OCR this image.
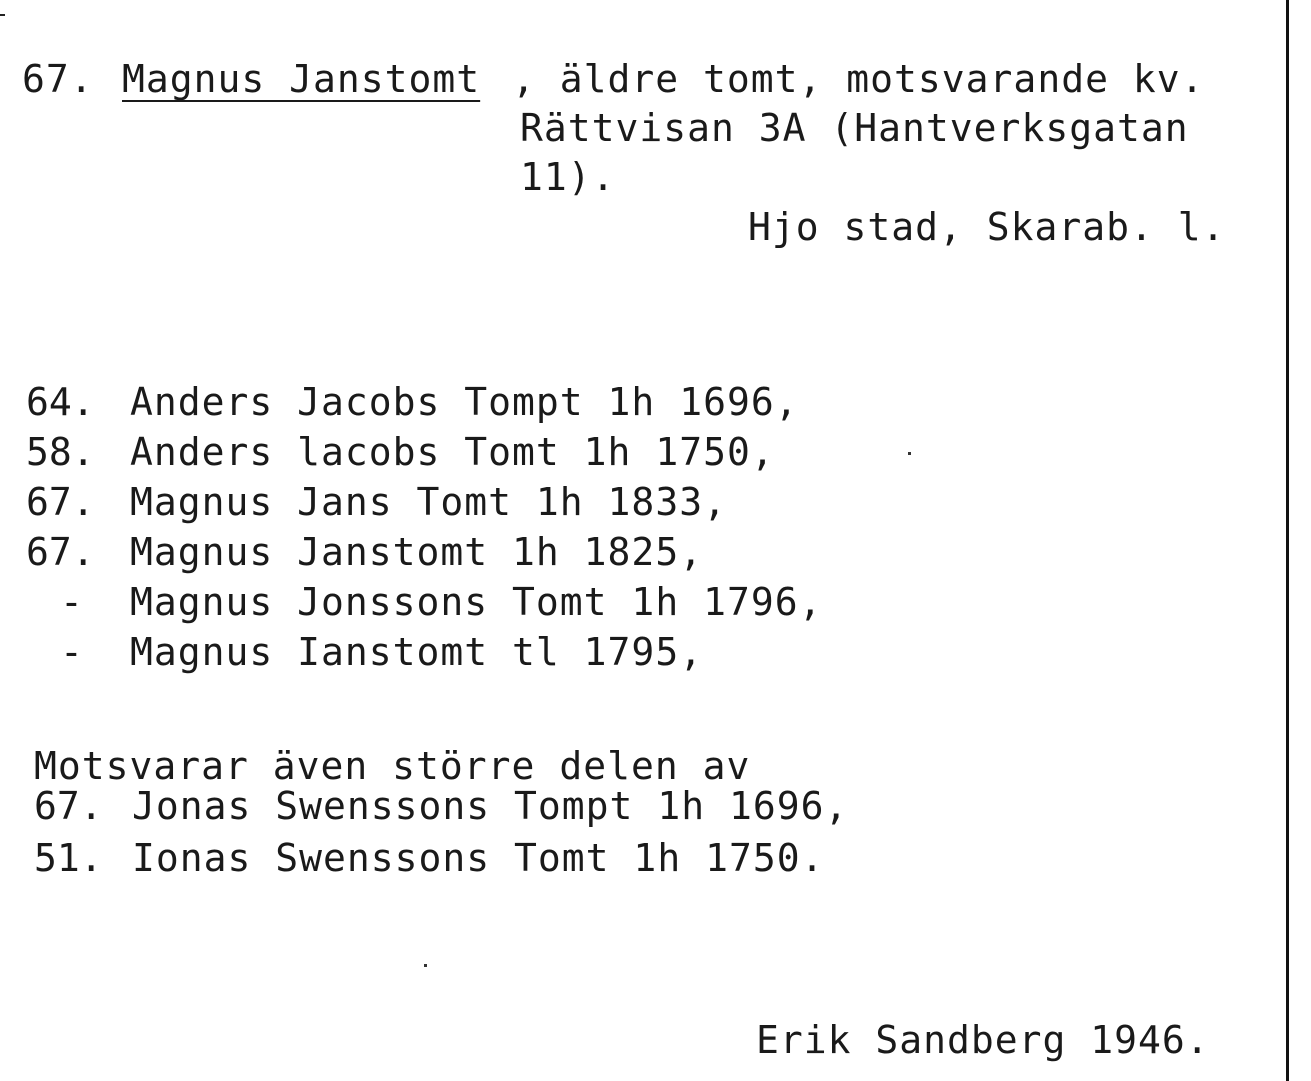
67. Magnus Janstomt , äldre tomt, motsvarande kv.
Rättvisan 3A (Hantverksgatan
11).
Hjo stad, Skarab. l.
64. Anders Jacobs Tompt 1h 1696,
58. Anders lacobs Tomt 1h 1750,
67. Magnus Jans Tomt 1h 1833,
67. Magnus Janstomt 1h 1825,
-	Magnus Jonssons Tomt 1h 1796,
-	Magnus Ianstomt tl 1795,
Motsvarar även större delen av
67. Jonas Swenssons Tompt 1h 1696,
51. Ionas Swenssons Tomt 1h 1750.
Erik Sandberg 1946.
